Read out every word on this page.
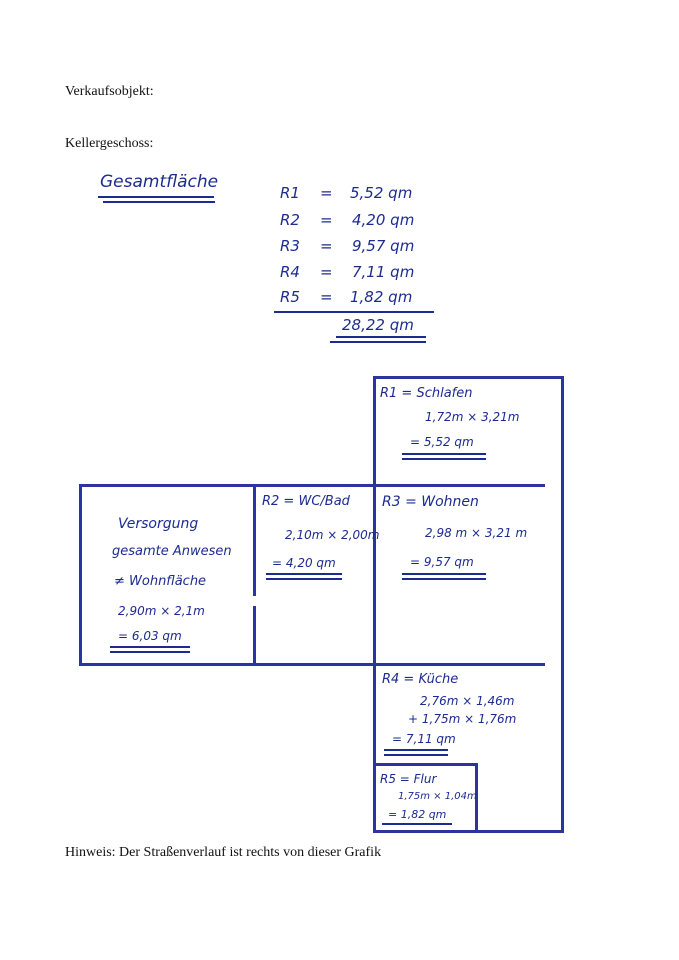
Verkaufsobjekt:
Kellergeschoss:
Hinweis: Der Straßenverlauf ist rechts von dieser Grafik
Gesamtfläche
R1 = 5,52 qm
R2 = 4,20 qm
R3 = 9,57 qm
R4 = 7,11 qm
R5 = 1,82 qm
28,22 qm
R1 = Schlafen
1,72m × 3,21m
= 5,52 qm
Versorgung
gesamte Anwesen
≠ Wohnfläche
2,90m × 2,1m
= 6,03 qm
R2 = WC/Bad
2,10m × 2,00m
= 4,20 qm
R3 = Wohnen
2,98 m × 3,21 m
= 9,57 qm
R4 = Küche
2,76m × 1,46m
+ 1,75m × 1,76m
= 7,11 qm
R5 = Flur
1,75m × 1,04m
= 1,82 qm
